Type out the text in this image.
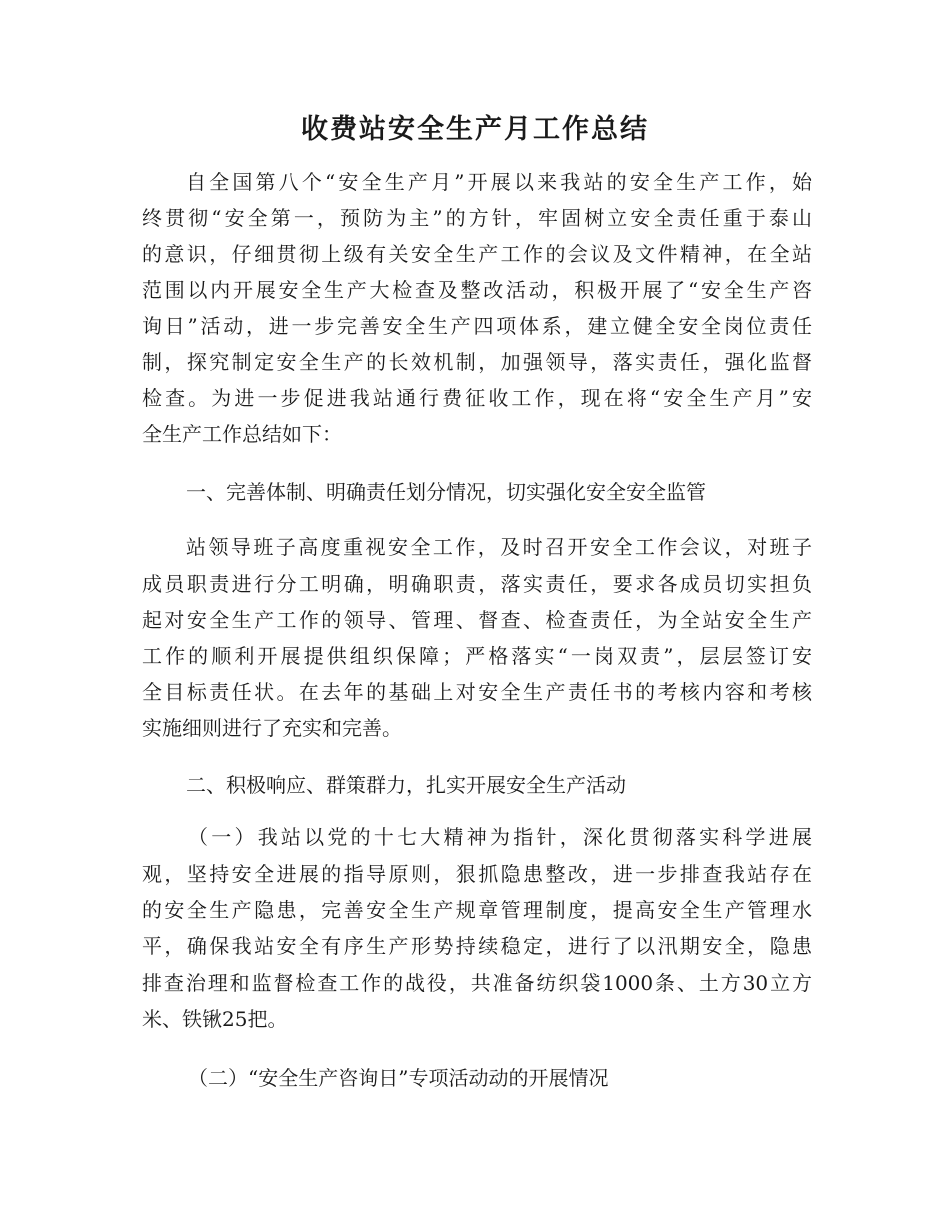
收费站安全生产月工作总结
自全国第八个“安全生产月”开展以来我站的安全生产工作，始
终贯彻“安全第一，预防为主”的方针，牢固树立安全责任重于泰山
的意识，仔细贯彻上级有关安全生产工作的会议及文件精神，在全站
范围以内开展安全生产大检查及整改活动，积极开展了“安全生产咨
询日”活动，进一步完善安全生产四项体系，建立健全安全岗位责任
制，探究制定安全生产的长效机制，加强领导，落实责任，强化监督
检查。为进一步促进我站通行费征收工作，现在将“安全生产月”安
全生产工作总结如下：
一、完善体制、明确责任划分情况，切实强化安全安全监管
站领导班子高度重视安全工作，及时召开安全工作会议，对班子
成员职责进行分工明确，明确职责，落实责任，要求各成员切实担负
起对安全生产工作的领导、管理、督查、检查责任，为全站安全生产
工作的顺利开展提供组织保障；严格落实“一岗双责”，层层签订安
全目标责任状。在去年的基础上对安全生产责任书的考核内容和考核
实施细则进行了充实和完善。
二、积极响应、群策群力，扎实开展安全生产活动
（一）我站以党的十七大精神为指针，深化贯彻落实科学进展
观，坚持安全进展的指导原则，狠抓隐患整改，进一步排查我站存在
的安全生产隐患，完善安全生产规章管理制度，提高安全生产管理水
平，确保我站安全有序生产形势持续稳定，进行了以汛期安全，隐患
排查治理和监督检查工作的战役，共准备纺织袋1000条、土方30立方
米、铁锹25把。
（二）“安全生产咨询日”专项活动动的开展情况
